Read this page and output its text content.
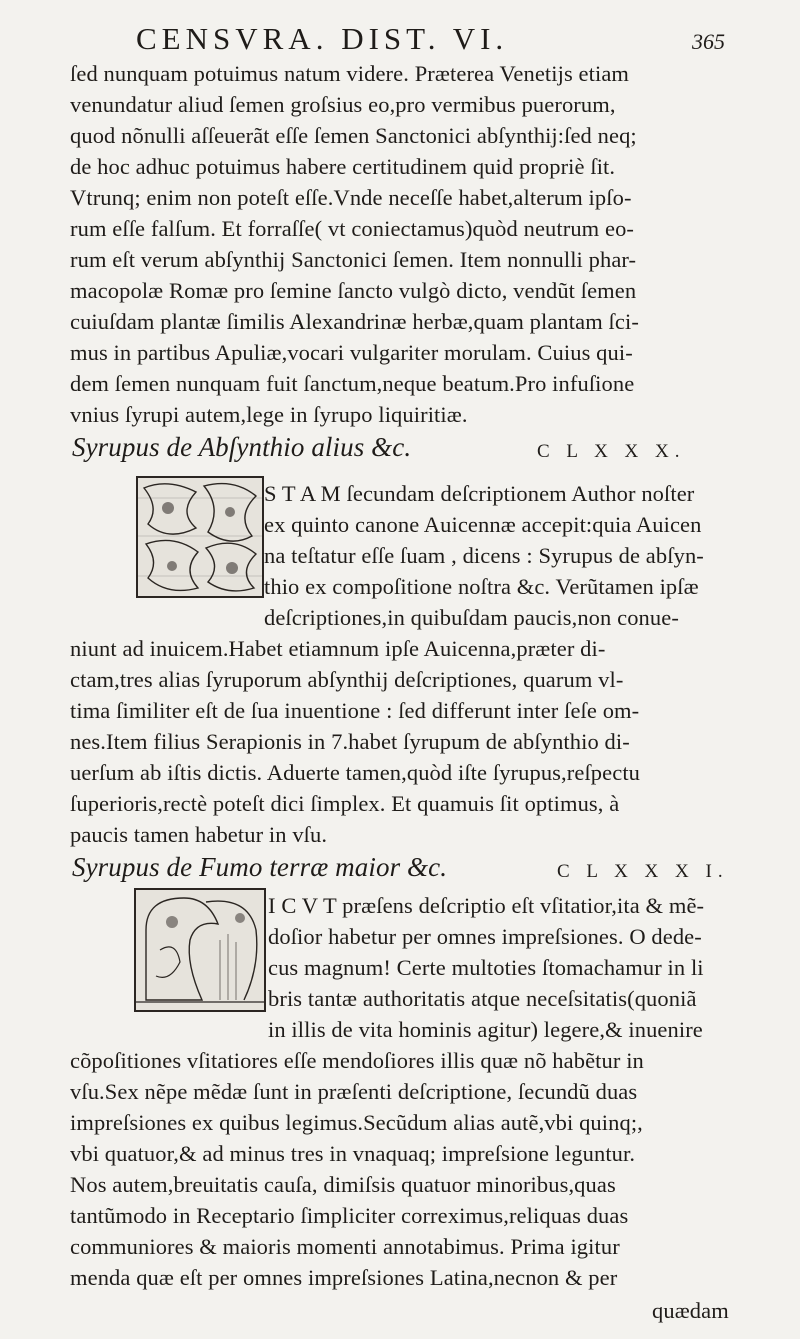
CENSVRA. DIST. VI.	365
ſed nunquam potuimus natum videre. Præterea Venetijs etiam
venundatur aliud ſemen groſsius eo,pro vermibus puerorum,
quod nõnulli aſſeuerãt eſſe ſemen Sanctonici abſynthij:ſed neq;
de hoc adhuc potuimus habere certitudinem quid propriè ſit.
Vtrunq; enim non poteſt eſſe.Vnde neceſſe habet,alterum ipſo-
rum eſſe falſum. Et forraſſe( vt coniectamus)quòd neutrum eo-
rum eſt verum abſynthij Sanctonici ſemen. Item nonnulli phar-
macopolæ Romæ pro ſemine ſancto vulgò dicto, vendũt ſemen
cuiuſdam plantæ ſimilis Alexandrinæ herbæ,quam plantam ſci-
mus in partibus Apuliæ,vocari vulgariter morulam. Cuius qui-
dem ſemen nunquam fuit ſanctum,neque beatum.Pro infuſione
vnius ſyrupi autem,lege in ſyrupo liquiritiæ.
Syrupus de Abſynthio alius &c.	C L X X X.
S T A M ſecundam deſcriptionem Author noſter
ex quinto canone Auicennæ accepit:quia Auicen
na teſtatur eſſe ſuam , dicens : Syrupus de abſyn-
thio ex compoſitione noſtra &c. Verũtamen ipſæ
deſcriptiones,in quibuſdam paucis,non conue-
niunt ad inuicem.Habet etiamnum ipſe Auicenna,præter di-
ctam,tres alias ſyruporum abſynthij deſcriptiones, quarum vl-
tima ſimiliter eſt de ſua inuentione : ſed differunt inter ſeſe om-
nes.Item filius Serapionis in 7.habet ſyrupum de abſynthio di-
uerſum ab iſtis dictis. Aduerte tamen,quòd iſte ſyrupus,reſpectu
ſuperioris,rectè poteſt dici ſimplex. Et quamuis ſit optimus, à
paucis tamen habetur in vſu.
Syrupus de Fumo terræ maior &c.	C L X X X I.
I C V T præſens deſcriptio eſt vſitatior,ita & mẽ-
doſior habetur per omnes impreſsiones. O dede-
cus magnum! Certe multoties ſtomachamur in li
bris tantæ authoritatis atque neceſsitatis(quoniã
in illis de vita hominis agitur) legere,& inuenire
cõpoſitiones vſitatiores eſſe mendoſiores illis quæ nõ habẽtur in
vſu.Sex nẽpe mẽdæ ſunt in præſenti deſcriptione, ſecundũ duas
impreſsiones ex quibus legimus.Secũdum alias autẽ,vbi quinq;,
vbi quatuor,& ad minus tres in vnaquaq; impreſsione leguntur.
Nos autem,breuitatis cauſa, dimiſsis quatuor minoribus,quas
tantũmodo in Receptario ſimpliciter correximus,reliquas duas
communiores & maioris momenti annotabimus. Prima igitur
menda quæ eſt per omnes impreſsiones Latina,necnon & per
quædam
